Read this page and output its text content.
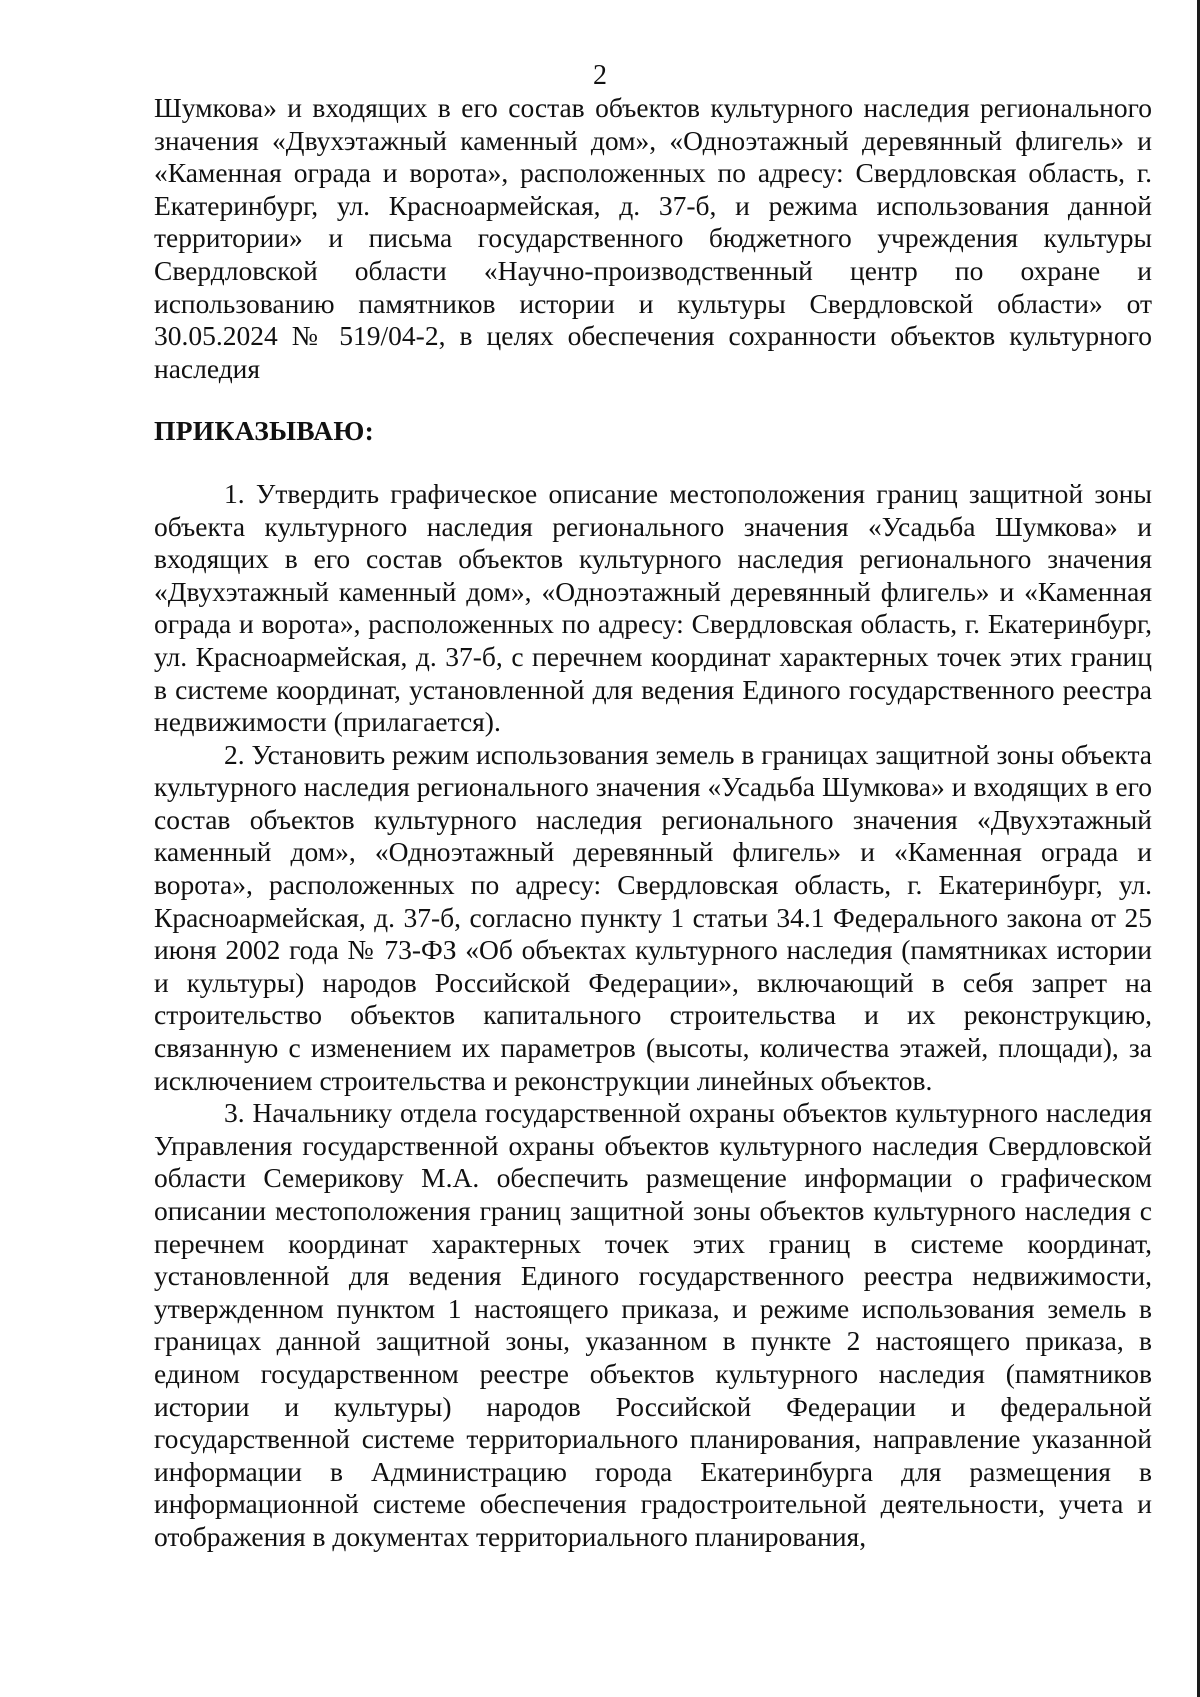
2

Шумкова» и входящих в его состав объектов культурного наследия регионального значения «Двухэтажный каменный дом», «Одноэтажный деревянный флигель» и «Каменная ограда и ворота», расположенных по адресу: Свердловская область, г. Екатеринбург, ул. Красноармейская, д. 37-б, и режима использования данной территории» и письма государственного бюджетного учреждения культуры Свердловской области «Научно-производственный центр по охране и использованию памятников истории и культуры Свердловской области» от 30.05.2024 № 519/04-2, в целях обеспечения сохранности объектов культурного наследия

ПРИКАЗЫВАЮ:

1. Утвердить графическое описание местоположения границ защитной зоны объекта культурного наследия регионального значения «Усадьба Шумкова» и входящих в его состав объектов культурного наследия регионального значения «Двухэтажный каменный дом», «Одноэтажный деревянный флигель» и «Каменная ограда и ворота», расположенных по адресу: Свердловская область, г. Екатеринбург, ул. Красноармейская, д. 37-б, с перечнем координат характерных точек этих границ в системе координат, установленной для ведения Единого государственного реестра недвижимости (прилагается).

2. Установить режим использования земель в границах защитной зоны объекта культурного наследия регионального значения «Усадьба Шумкова» и входящих в его состав объектов культурного наследия регионального значения «Двухэтажный каменный дом», «Одноэтажный деревянный флигель» и «Каменная ограда и ворота», расположенных по адресу: Свердловская область, г. Екатеринбург, ул. Красноармейская, д. 37-б, согласно пункту 1 статьи 34.1 Федерального закона от 25 июня 2002 года № 73-ФЗ «Об объектах культурного наследия (памятниках истории и культуры) народов Российской Федерации», включающий в себя запрет на строительство объектов капитального строительства и их реконструкцию, связанную с изменением их параметров (высоты, количества этажей, площади), за исключением строительства и реконструкции линейных объектов.

3. Начальнику отдела государственной охраны объектов культурного наследия Управления государственной охраны объектов культурного наследия Свердловской области Семерикову М.А. обеспечить размещение информации о графическом описании местоположения границ защитной зоны объектов культурного наследия с перечнем координат характерных точек этих границ в системе координат, установленной для ведения Единого государственного реестра недвижимости, утвержденном пунктом 1 настоящего приказа, и режиме использования земель в границах данной защитной зоны, указанном в пункте 2 настоящего приказа, в едином государственном реестре объектов культурного наследия (памятников истории и культуры) народов Российской Федерации и федеральной государственной системе территориального планирования, направление указанной информации в Администрацию города Екатеринбурга для размещения в информационной системе обеспечения градостроительной деятельности, учета и отображения в документах территориального планирования,
